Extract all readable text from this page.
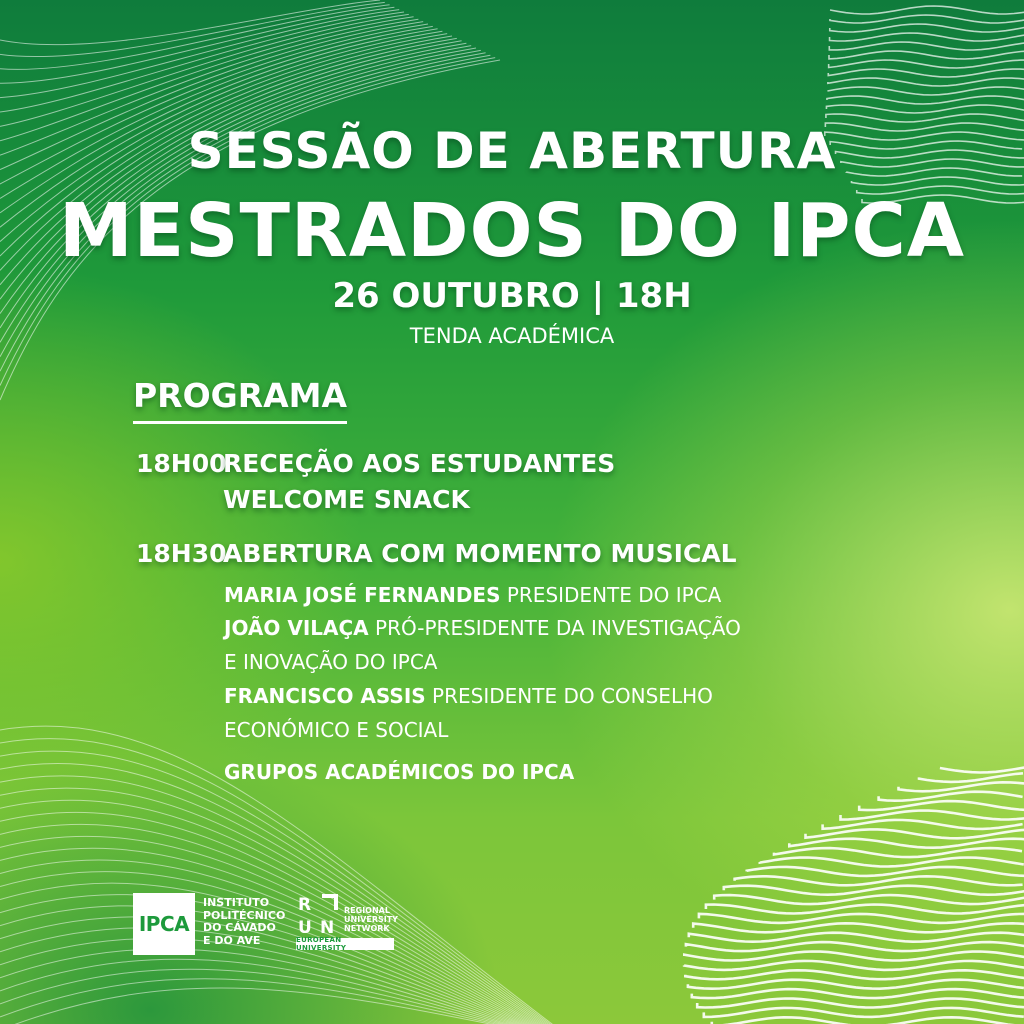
SESSÃO DE ABERTURA
MESTRADOS DO IPCA
26 OUTUBRO | 18H
TENDA ACADÉMICA
PROGRAMA
18H00
RECEÇÃO AOS ESTUDANTES
WELCOME SNACK
18H30
ABERTURA COM MOMENTO MUSICAL
MARIA JOSÉ FERNANDES PRESIDENTE DO IPCA
JOÃO VILAÇA PRÓ-PRESIDENTE DA INVESTIGAÇÃO
E INOVAÇÃO DO IPCA
FRANCISCO ASSIS PRESIDENTE DO CONSELHO
ECONÓMICO E SOCIAL
GRUPOS ACADÉMICOS DO IPCA
IPCA
INSTITUTO
POLITÉCNICO
DO CÁVADO
E DO AVE
R
U N
REGIONAL
UNIVERSITY
NETWORK
EUROPEAN UNIVERSITY
